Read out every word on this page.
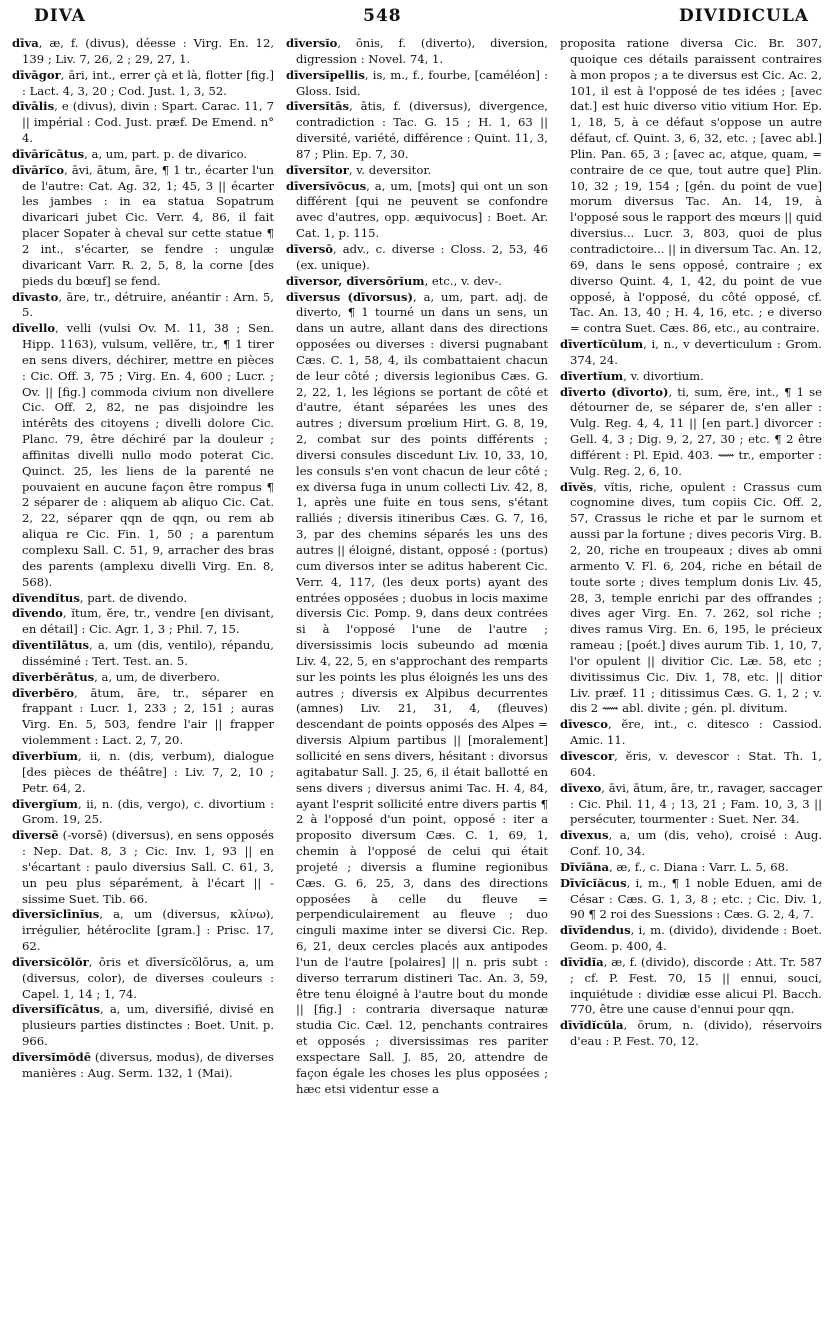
DIVA	548	DIVIDICULA

dīva, æ, f. (divus), déesse : Virg. En. 12, 139 ; Liv. 7, 26, 2 ; 29, 27, 1.

dīvāgor, āri, int., errer çà et là, flotter [fig.] : Lact. 4, 3, 20 ; Cod. Just. 1, 3, 52.

dīvālis, e (divus), divin : Spart. Carac. 11, 7 || impérial : Cod. Just. præf. De Emend. n° 4.

dīvārĭcātus, a, um, part. p. de divarico.

dīvārĭco, āvi, ātum, āre, ¶ 1 tr., écarter l'un de l'autre: Cat. Ag. 32, 1; 45, 3 || écarter les jambes : in ea statua Sopatrum divaricari jubet Cic. Verr. 4, 86, il fait placer Sopater à cheval sur cette statue ¶ 2 int., s'écarter, se fendre : ungulæ divaricant Varr. R. 2, 5, 8, la corne [des pieds du bœuf] se fend.

dīvasto, āre, tr., détruire, anéantir : Arn. 5, 5.

dīvello, velli (vulsi Ov. M. 11, 38 ; Sen. Hipp. 1163), vulsum, vellĕre, tr., ¶ 1 tirer en sens divers, déchirer, mettre en pièces : Cic. Off. 3, 75 ; Virg. En. 4, 600 ; Lucr. ; Ov. || [fig.] commoda civium non divellere Cic. Off. 2, 82, ne pas disjoindre les intérêts des citoyens ; divelli dolore Cic. Planc. 79, être déchiré par la douleur ; affinitas divelli nullo modo poterat Cic. Quinct. 25, les liens de la parenté ne pouvaient en aucune façon être rompus ¶ 2 séparer de : aliquem ab aliquo Cic. Cat. 2, 22, séparer qqn de qqn, ou rem ab aliqua re Cic. Fin. 1, 50 ; a parentum complexu Sall. C. 51, 9, arracher des bras des parents (amplexu divelli Virg. En. 8, 568).

dīvendĭtus, part. de divendo.

dīvendo, ĭtum, ĕre, tr., vendre [en divisant, en détail] : Cic. Agr. 1, 3 ; Phil. 7, 15.

dīventĭlātus, a, um (dis, ventilo), répandu, disséminé : Tert. Test. an. 5.

dīverbĕrātus, a, um, de diverbero.

dīverbĕro, ātum, āre, tr., séparer en frappant : Lucr. 1, 233 ; 2, 151 ; auras Virg. En. 5, 503, fendre l'air || frapper violemment : Lact. 2, 7, 20.

dīverbĭum, ii, n. (dis, verbum), dialogue [des pièces de théâtre] : Liv. 7, 2, 10 ; Petr. 64, 2.

dīvergĭum, ii, n. (dis, vergo), c. divortium : Grom. 19, 25.

dīversē (-vorsē) (diversus), en sens opposés : Nep. Dat. 8, 3 ; Cic. Inv. 1, 93 || en s'écartant : paulo diversius Sall. C. 61, 3, un peu plus séparément, à l'écart || -sissime Suet. Tib. 66.

dīversĭclīnĭus, a, um (diversus, κλίνω), irrégulier, hétéroclite [gram.] : Prisc. 17, 62.

dīversĭcŏlŏr, ōris et dīversĭcŏlōrus, a, um (diversus, color), de diverses couleurs : Capel. 1, 14 ; 1, 74.

dīversĭfĭcātus, a, um, diversifié, divisé en plusieurs parties distinctes : Boet. Unit. p. 966.

dīversĭmŏdē (diversus, modus), de diverses manières : Aug. Serm. 132, 1 (Mai).

dīversĭo, ōnis, f. (diverto), diversion, digression : Novel. 74, 1.

dīversĭpellis, is, m., f., fourbe, [caméléon] : Gloss. Isid.

dīversĭtās, ātis, f. (diversus), divergence, contradiction : Tac. G. 15 ; H. 1, 63 || diversité, variété, différence : Quint. 11, 3, 87 ; Plin. Ep. 7, 30.

dīversĭtor, v. deversitor.

dīversĭvŏcus, a, um, [mots] qui ont un son différent [qui ne peuvent se confondre avec d'autres, opp. æquivocus] : Boet. Ar. Cat. 1, p. 115.

dīversō, adv., c. diverse : Closs. 2, 53, 46 (ex. unique).

dīversor, dīversōrĭum, etc., v. dev-.

dīversus (dīvorsus), a, um, part. adj. de diverto, ¶ 1 tourné un dans un sens, un dans un autre, allant dans des directions opposées ou diverses : diversi pugnabant Cæs. C. 1, 58, 4, ils combattaient chacun de leur côté ; diversis legionibus Cæs. G. 2, 22, 1, les légions se portant de côté et d'autre, étant séparées les unes des autres ; diversum prœlium Hirt. G. 8, 19, 2, combat sur des points différents ; diversi consules discedunt Liv. 10, 33, 10, les consuls s'en vont chacun de leur côté ; ex diversa fuga in unum collecti Liv. 42, 8, 1, après une fuite en tous sens, s'étant ralliés ; diversis itineribus Cæs. G. 7, 16, 3, par des chemins séparés les uns des autres || éloigné, distant, opposé : (portus) cum diversos inter se aditus haberent Cic. Verr. 4, 117, (les deux ports) ayant des entrées opposées ; duobus in locis maxime diversis Cic. Pomp. 9, dans deux contrées si à l'opposé l'une de l'autre ; diversissimis locis subeundo ad mœnia Liv. 4, 22, 5, en s'approchant des remparts sur les points les plus éloignés les uns des autres ; diversis ex Alpibus decurrentes (amnes) Liv. 21, 31, 4, (fleuves) descendant de points opposés des Alpes = diversis Alpium partibus || [moralement] sollicité en sens divers, hésitant : divorsus agitabatur Sall. J. 25, 6, il était ballotté en sens divers ; diversus animi Tac. H. 4, 84, ayant l'esprit sollicité entre divers partis ¶ 2 à l'opposé d'un point, opposé : iter a proposito diversum Cæs. C. 1, 69, 1, chemin à l'opposé de celui qui était projeté ; diversis a flumine regionibus Cæs. G. 6, 25, 3, dans des directions opposées à celle du fleuve = perpendiculairement au fleuve ; duo cinguli maxime inter se diversi Cic. Rep. 6, 21, deux cercles placés aux antipodes l'un de l'autre [polaires] || n. pris subt : diverso terrarum distineri Tac. An. 3, 59, être tenu éloigné à l'autre bout du monde || [fig.] : contraria diversaque naturæ studia Cic. Cæl. 12, penchants contraires et opposés ; diversissimas res pariter exspectare Sall. J. 85, 20, attendre de façon égale les choses les plus opposées ; hæc etsi videntur esse a

proposita ratione diversa Cic. Br. 307, quoique ces détails paraissent contraires à mon propos ; a te diversus est Cic. Ac. 2, 101, il est à l'opposé de tes idées ; [avec dat.] est huic diverso vitio vitium Hor. Ep. 1, 18, 5, à ce défaut s'oppose un autre défaut, cf. Quint. 3, 6, 32, etc. ; [avec abl.] Plin. Pan. 65, 3 ; [avec ac, atque, quam, = contraire de ce que, tout autre que] Plin. 10, 32 ; 19, 154 ; [gén. du point de vue] morum diversus Tac. An. 14, 19, à l'opposé sous le rapport des mœurs || quid diversius... Lucr. 3, 803, quoi de plus contradictoire... || in diversum Tac. An. 12, 69, dans le sens opposé, contraire ; ex diverso Quint. 4, 1, 42, du point de vue opposé, à l'opposé, du côté opposé, cf. Tac. An. 13, 40 ; H. 4, 16, etc. ; e diverso = contra Suet. Cæs. 86, etc., au contraire.

dīvertĭcŭlum, i, n., v deverticulum : Grom. 374, 24.

dīvertĭum, v. divortium.

dīverto (dīvorto), ti, sum, ĕre, int., ¶ 1 se détourner de, se séparer de, s'en aller : Vulg. Reg. 4, 4, 11 || [en part.] divorcer : Gell. 4, 3 ; Dig. 9, 2, 27, 30 ; etc. ¶ 2 être différent : Pl. Epid. 403. ⟿ tr., emporter : Vulg. Reg. 2, 6, 10.

dīvĕs, vĭtis, riche, opulent : Crassus cum cognomine dives, tum copiis Cic. Off. 2, 57, Crassus le riche et par le surnom et aussi par la fortune ; dives pecoris Virg. B. 2, 20, riche en troupeaux ; dives ab omni armento V. Fl. 6, 204, riche en bétail de toute sorte ; dives templum donis Liv. 45, 28, 3, temple enrichi par des offrandes ; dives ager Virg. En. 7. 262, sol riche ; dives ramus Virg. En. 6, 195, le précieux rameau ; [poét.] dives aurum Tib. 1, 10, 7, l'or opulent || divitior Cic. Læ. 58, etc ; divitissimus Cic. Div. 1, 78, etc. || ditior Liv. præf. 11 ; ditissimus Cæs. G. 1, 2 ; v. dis 2 ⟿ abl. divite ; gén. pl. divitum.

dīvesco, ĕre, int., c. ditesco : Cassiod. Amic. 11.

dīvescor, ĕris, v. devescor : Stat. Th. 1, 604.

dīvexo, āvi, ātum, āre, tr., ravager, saccager : Cic. Phil. 11, 4 ; 13, 21 ; Fam. 10, 3, 3 || persécuter, tourmenter : Suet. Ner. 34.

dīvexus, a, um (dis, veho), croisé : Aug. Conf. 10, 34.

Dīvĭāna, æ, f., c. Diana : Varr. L. 5, 68.

Dīvĭcĭăcus, i, m., ¶ 1 noble Eduen, ami de César : Cæs. G. 1, 3, 8 ; etc. ; Cic. Div. 1, 90 ¶ 2 roi des Suessions : Cæs. G. 2, 4, 7.

dīvĭdendus, i, m. (divido), dividende : Boet. Geom. p. 400, 4.

dīvĭdĭa, æ, f. (divido), discorde : Att. Tr. 587 ; cf. P. Fest. 70, 15 || ennui, souci, inquiétude : dividiæ esse alicui Pl. Bacch. 770, être une cause d'ennui pour qqn.

dīvĭdĭcŭla, ōrum, n. (divido), réservoirs d'eau : P. Fest. 70, 12.
